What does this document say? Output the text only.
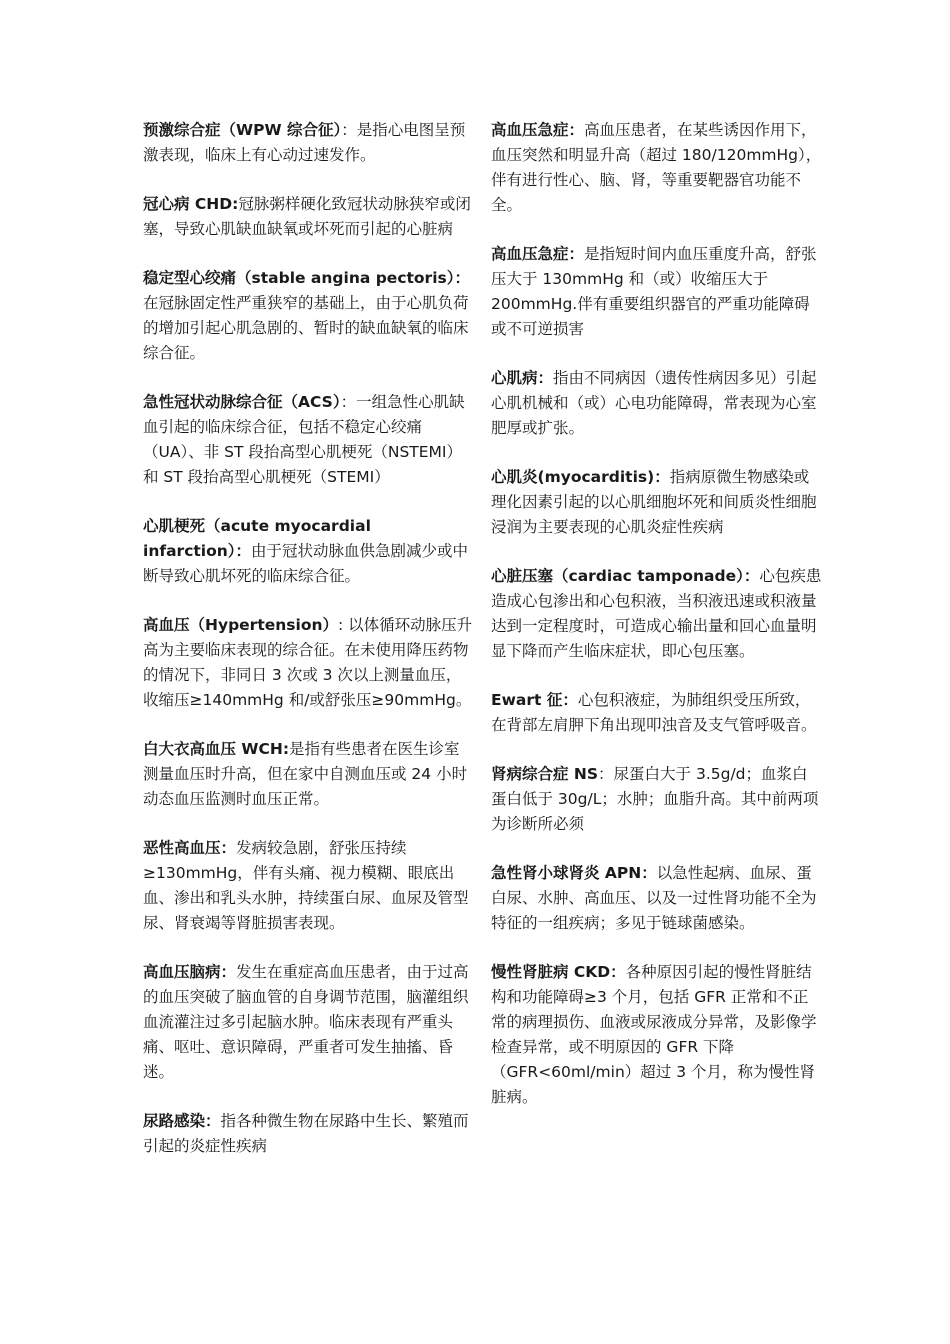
预激综合症（WPW 综合征）：是指心电图呈预激表现，临床上有心动过速发作。

冠心病 CHD:冠脉粥样硬化致冠状动脉狭窄或闭塞，导致心肌缺血缺氧或坏死而引起的心脏病

稳定型心绞痛（stable angina pectoris）：在冠脉固定性严重狭窄的基础上，由于心肌负荷的增加引起心肌急剧的、暂时的缺血缺氧的临床综合征。

急性冠状动脉综合征（ACS）：一组急性心肌缺血引起的临床综合征，包括不稳定心绞痛（UA）、非 ST 段抬高型心肌梗死（NSTEMI）和 ST 段抬高型心肌梗死（STEMI）

心肌梗死（acute myocardial infarction）：由于冠状动脉血供急剧减少或中断导致心肌坏死的临床综合征。

高血压（Hypertension）: 以体循环动脉压升高为主要临床表现的综合征。在未使用降压药物的情况下，非同日 3 次或 3 次以上测量血压，收缩压≥140mmHg 和/或舒张压≥90mmHg。

白大衣高血压 WCH:是指有些患者在医生诊室测量血压时升高，但在家中自测血压或 24 小时动态血压监测时血压正常。

恶性高血压：发病较急剧，舒张压持续≥130mmHg，伴有头痛、视力模糊、眼底出血、渗出和乳头水肿，持续蛋白尿、血尿及管型尿、肾衰竭等肾脏损害表现。

高血压脑病：发生在重症高血压患者，由于过高的血压突破了脑血管的自身调节范围，脑灌组织血流灌注过多引起脑水肿。临床表现有严重头痛、呕吐、意识障碍，严重者可发生抽搐、昏迷。

尿路感染：指各种微生物在尿路中生长、繁殖而引起的炎症性疾病

高血压急症：高血压患者，在某些诱因作用下，血压突然和明显升高（超过 180/120mmHg），伴有进行性心、脑、肾，等重要靶器官功能不全。

高血压急症：是指短时间内血压重度升高，舒张压大于 130mmHg 和（或）收缩压大于 200mmHg.伴有重要组织器官的严重功能障碍或不可逆损害

心肌病：指由不同病因（遗传性病因多见）引起心肌机械和（或）心电功能障碍，常表现为心室肥厚或扩张。

心肌炎(myocarditis)：指病原微生物感染或理化因素引起的以心肌细胞坏死和间质炎性细胞浸润为主要表现的心肌炎症性疾病

心脏压塞（cardiac tamponade）：心包疾患造成心包渗出和心包积液，当积液迅速或积液量达到一定程度时，可造成心输出量和回心血量明显下降而产生临床症状，即心包压塞。

Ewart 征：心包积液症，为肺组织受压所致，在背部左肩胛下角出现叩浊音及支气管呼吸音。

肾病综合症 NS：尿蛋白大于 3.5g/d；血浆白蛋白低于 30g/L；水肿；血脂升高。其中前两项为诊断所必须

急性肾小球肾炎 APN：以急性起病、血尿、蛋白尿、水肿、高血压、以及一过性肾功能不全为特征的一组疾病；多见于链球菌感染。

慢性肾脏病 CKD：各种原因引起的慢性肾脏结构和功能障碍≥3 个月，包括 GFR 正常和不正常的病理损伤、血液或尿液成分异常，及影像学检查异常，或不明原因的 GFR 下降（GFR<60ml/min）超过 3 个月，称为慢性肾脏病。
